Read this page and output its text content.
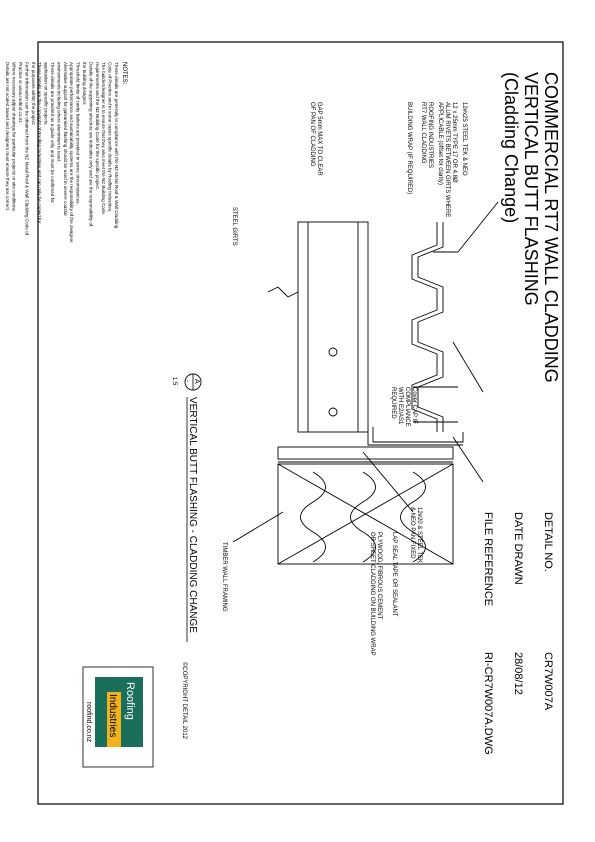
COMMERCIAL RT7 WALL CLADDING
VERTICAL BUTT FLASHING
(Cladding Change)
DETAIL NO.
CR7W007A
DATE DRAWN
28/08/12
FILE REFERENCE
RI-CR7W007A.DWG
12#x25 STEEL TEK & NEO
12 x 25mm TYPE 17 OR 4.8Ø
ALUM RIVETS BETWEEN GIRTS WHERE
APPLICABLE (offset for clarity)
ROOFING INDUSTRIES
RT7 WALL CLADDING
BUILDING WRAP (IF REQUIRED)
GAP 5mm MAX TO CLEAR
OF PAN OF CLADDING
STEEL GIRTS
Cover CAP IF
COMPLIANCE
WITH E2/AS1
REQUIRED
12#20 & STEEL TEK
& NEO PAN FIXED
LAP SEAL TAPE OR SEALANT
PLYWOOD, FIBROUS CEMENT
OR SHEET CLADDING ON BUILDING WRAP
TIMBER WALL FRAMING
A
-
1:5
VERTICAL BUTT FLASHING - CLADDING CHANGE
NOTES:
These details are generally in compliance with the NZ Metal Roof & Wall Cladding
Code of Practice and in some cases specific details by Roofing Industries.
The builder/designer is to ensure that they also meet the NZ Building Code
requirements and the NZ Building Code for the specific project.
Details of the supporting structure are indicative only and are the responsibility of
the building designer.
Threshold limits of cavity battens are provided in some circumstances.
Appropriate performance and sustainability systems are the responsibility of the designer.
Alternative support for galvanised flashing should be used in severe coastal
environments including where aluminium is used.
These details are provided as a guide only and must be confirmed for
application on specific projects.
These details are the copyright of Roofing Industries and can only be copied for
the purposes within the project.
Further information can be obtained from the NZ Metal Roof & Wall Cladding Code of
Practice or www.roofind.co.nz
Where necessary adjust drawings for particular projects or site conditions.
Details are not scaled based and designers must ensure they are correct.
©COPYRIGHT DETAIL 2012
Roofing
Industries
roofind.co.nz
